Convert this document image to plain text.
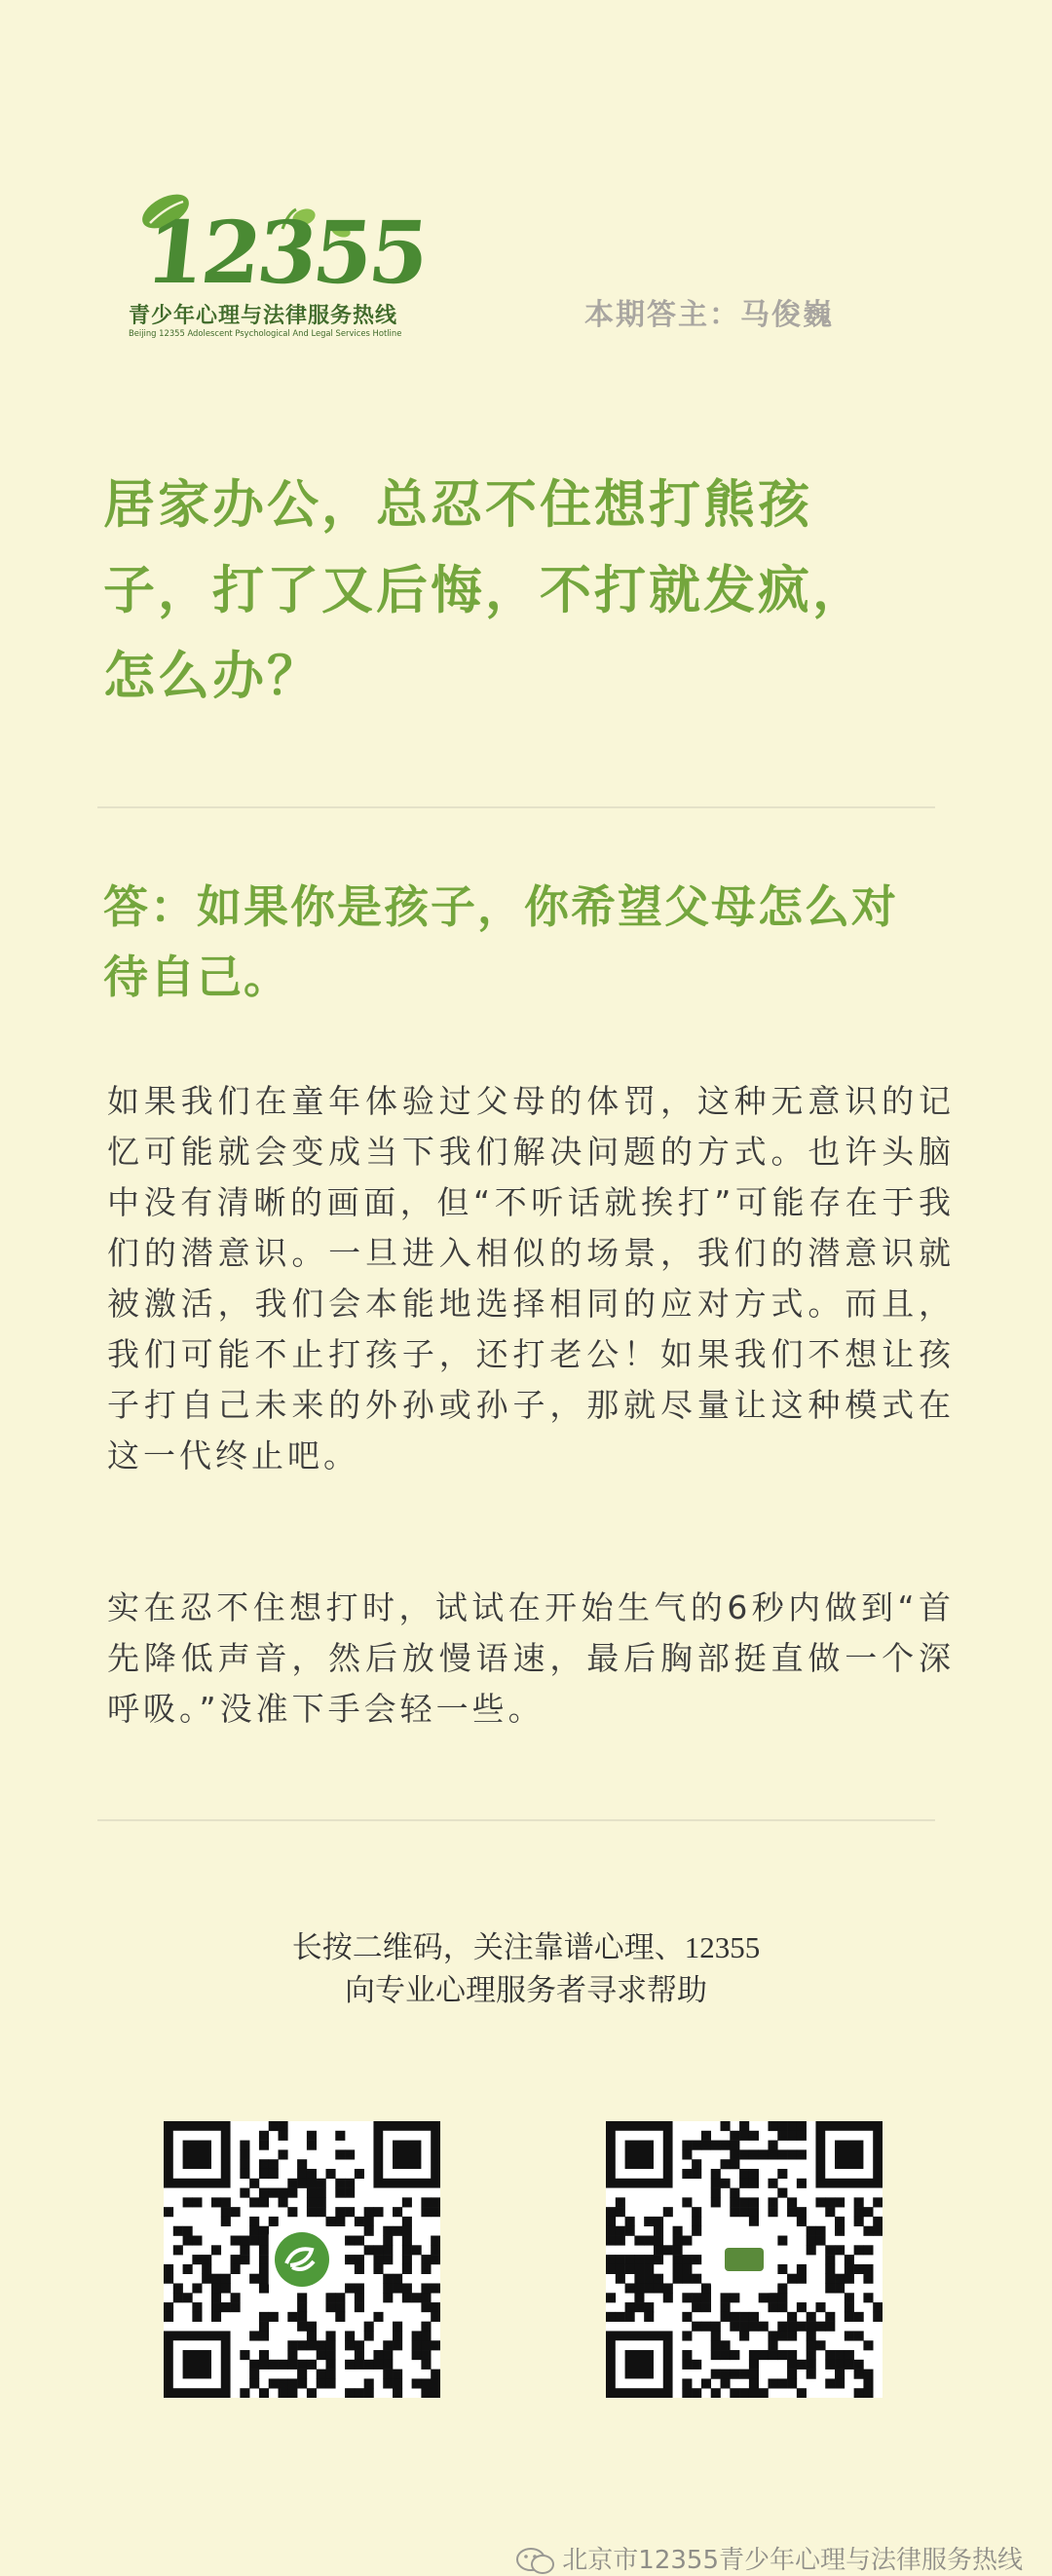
12355
青少年心理与法律服务热线
Beijing 12355 Adolescent Psychological And Legal Services Hotline
本期答主：马俊巍
居家办公，总忍不住想打熊孩子，打了又后悔，不打就发疯，怎么办？
答：如果你是孩子，你希望父母怎么对待自己。

如果我们在童年体验过父母的体罚，这种无意识的记忆可能就会变成当下我们解决问题的方式。也许头脑中没有清晰的画面，但“不听话就挨打”可能存在于我们的潜意识。一旦进入相似的场景，我们的潜意识就被激活，我们会本能地选择相同的应对方式。而且，我们可能不止打孩子，还打老公！如果我们不想让孩子打自己未来的外孙或孙子，那就尽量让这种模式在这一代终止吧。

实在忍不住想打时，试试在开始生气的6秒内做到“首先降低声音，然后放慢语速，最后胸部挺直做一个深呼吸。”没准下手会轻一些。

长按二维码，关注靠谱心理、12355
向专业心理服务者寻求帮助
北京市12355青少年心理与法律服务热线
